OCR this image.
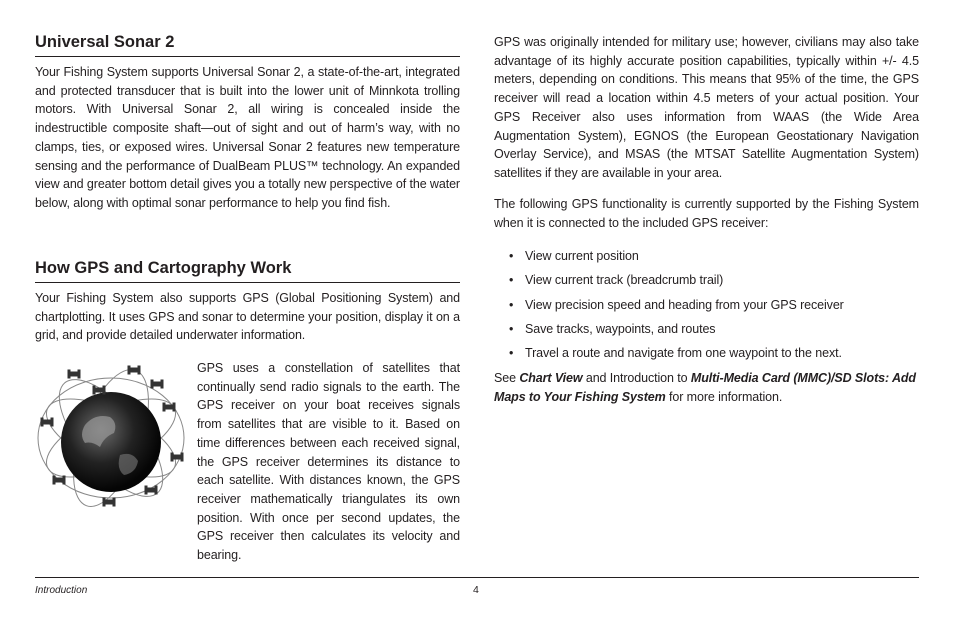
Universal Sonar 2

Your Fishing System supports Universal Sonar 2, a state-of-the-art, integrated and protected transducer that is built into the lower unit of Minnkota trolling motors. With Universal Sonar 2, all wiring is concealed inside the indestructible composite shaft—out of sight and out of harm’s way, with no clamps, ties, or exposed wires. Universal Sonar 2 features new temperature sensing and the performance of DualBeam PLUS™ technology. An expanded view and greater bottom detail gives you a totally new perspective of the water below, along with optimal sonar performance to help you find fish.

How GPS and Cartography Work

Your Fishing System also supports GPS (Global Positioning System) and chartplotting. It uses GPS and sonar to determine your position, display it on a grid, and provide detailed underwater information.

GPS uses a constellation of satellites that continually send radio signals to the earth. The GPS receiver on your boat receives signals from satellites that are visible to it. Based on time differences between each received signal, the GPS receiver determines its distance to each satellite. With distances known, the GPS receiver mathematically triangulates its own position. With once per second updates, the GPS receiver then calculates its velocity and bearing.

GPS was originally intended for military use; however, civilians may also take advantage of its highly accurate position capabilities, typically within +/- 4.5 meters, depending on conditions. This means that 95% of the time, the GPS receiver will read a location within 4.5 meters of your actual position. Your GPS Receiver also uses information from WAAS (the Wide Area Augmentation System), EGNOS (the European Geostationary Navigation Overlay Service), and MSAS (the MTSAT Satellite Augmentation System) satellites if they are available in your area.

The following GPS functionality is currently supported by the Fishing System when it is connected to the included GPS receiver:

• View current position
• View current track (breadcrumb trail)
• View precision speed and heading from your GPS receiver
• Save tracks, waypoints, and routes
• Travel a route and navigate from one waypoint to the next.

See Chart View and Introduction to Multi-Media Card (MMC)/SD Slots: Add Maps to Your Fishing System for more information.

Introduction	4
